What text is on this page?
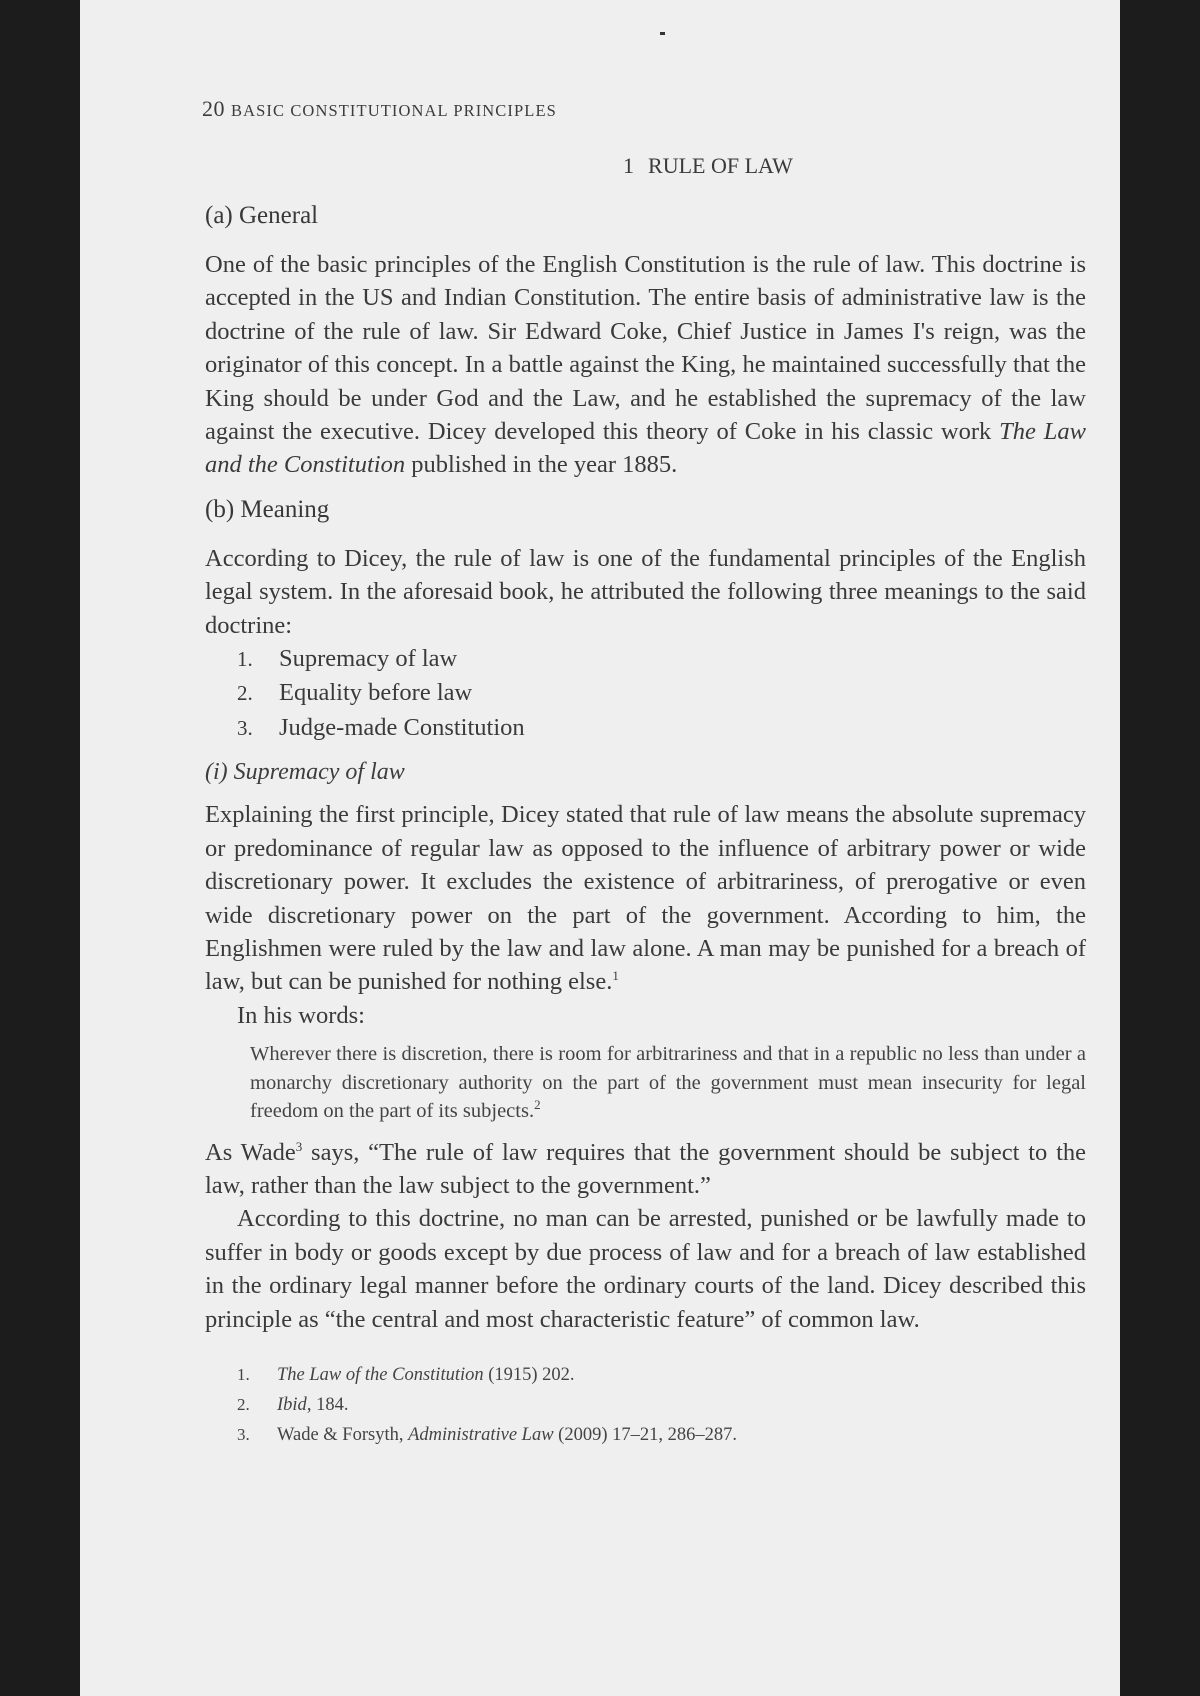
20 BASIC CONSTITUTIONAL PRINCIPLES
1 RULE OF LAW
(a) General

One of the basic principles of the English Constitution is the rule of law. This doctrine is accepted in the US and Indian Constitution. The entire basis of administrative law is the doctrine of the rule of law. Sir Edward Coke, Chief Justice in James I's reign, was the originator of this concept. In a battle against the King, he maintained successfully that the King should be under God and the Law, and he established the supremacy of the law against the executive. Dicey developed this theory of Coke in his classic work The Law and the Constitution published in the year 1885.

(b) Meaning

According to Dicey, the rule of law is one of the fundamental principles of the English legal system. In the aforesaid book, he attributed the following three meanings to the said doctrine:

1. Supremacy of law
2. Equality before law
3. Judge-made Constitution
(i) Supremacy of law

Explaining the first principle, Dicey stated that rule of law means the absolute supremacy or predominance of regular law as opposed to the influence of arbitrary power or wide discretionary power. It excludes the existence of arbitrariness, of prerogative or even wide discretionary power on the part of the government. According to him, the Englishmen were ruled by the law and law alone. A man may be punished for a breach of law, but can be punished for nothing else.$^1$

In his words:

Wherever there is discretion, there is room for arbitrariness and that in a republic no less than under a monarchy discretionary authority on the part of the government must mean insecurity for legal freedom on the part of its subjects.$^2$

As Wade$^3$ says, “The rule of law requires that the government should be subject to the law, rather than the law subject to the government.”

According to this doctrine, no man can be arrested, punished or be lawfully made to suffer in body or goods except by due process of law and for a breach of law established in the ordinary legal manner before the ordinary courts of the land. Dicey described this principle as “the central and most characteristic feature” of common law.

1. The Law of the Constitution (1915) 202.
2. Ibid, 184.
3. Wade & Forsyth, Administrative Law (2009) 17–21, 286–287.
